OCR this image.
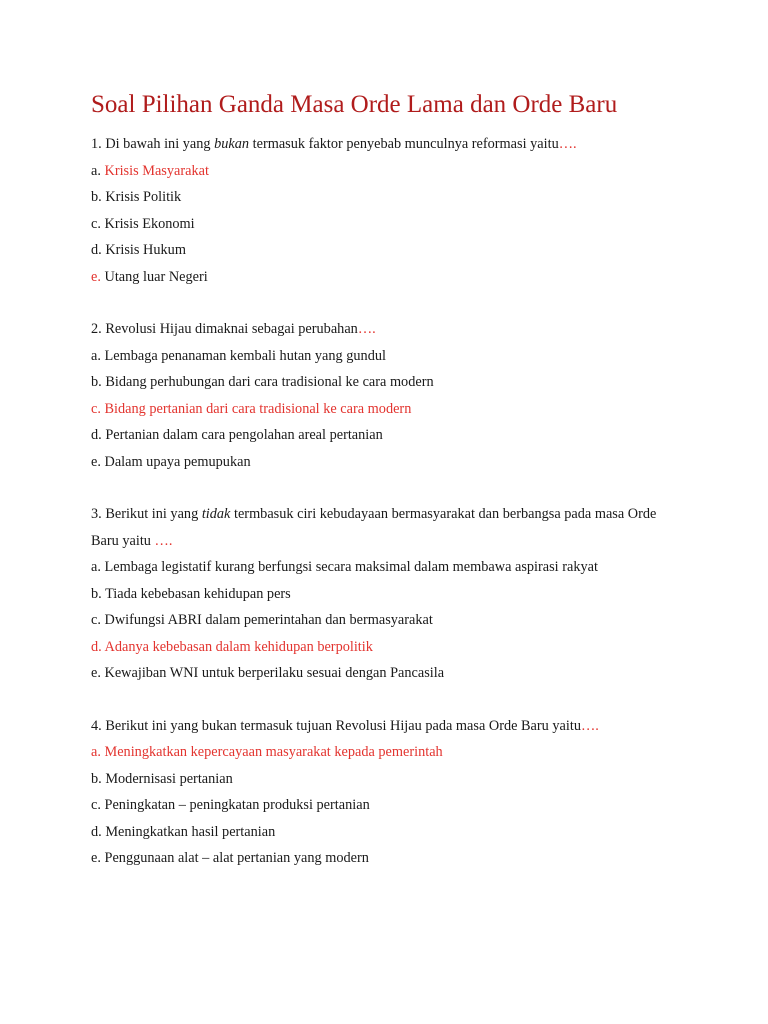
Soal Pilihan Ganda Masa Orde Lama dan Orde Baru
1. Di bawah ini yang bukan termasuk faktor penyebab munculnya reformasi yaitu….
a. Krisis Masyarakat
b. Krisis Politik
c. Krisis Ekonomi
d. Krisis Hukum
e. Utang luar Negeri
2. Revolusi Hijau dimaknai sebagai perubahan….
a. Lembaga penanaman kembali hutan yang gundul
b. Bidang perhubungan dari cara tradisional ke cara modern
c. Bidang pertanian dari cara tradisional ke cara modern
d. Pertanian dalam cara pengolahan areal pertanian
e. Dalam upaya pemupukan
3. Berikut ini yang tidak termbasuk ciri kebudayaan bermasyarakat dan berbangsa pada masa Orde Baru yaitu ….
a. Lembaga legistatif kurang berfungsi secara maksimal dalam membawa aspirasi rakyat
b. Tiada kebebasan kehidupan pers
c. Dwifungsi ABRI dalam pemerintahan dan bermasyarakat
d. Adanya kebebasan dalam kehidupan berpolitik
e. Kewajiban WNI untuk berperilaku sesuai dengan Pancasila
4. Berikut ini yang bukan termasuk tujuan Revolusi Hijau pada masa Orde Baru yaitu….
a. Meningkatkan kepercayaan masyarakat kepada pemerintah
b. Modernisasi pertanian
c. Peningkatan – peningkatan produksi pertanian
d. Meningkatkan hasil pertanian
e. Penggunaan alat – alat pertanian yang modern
